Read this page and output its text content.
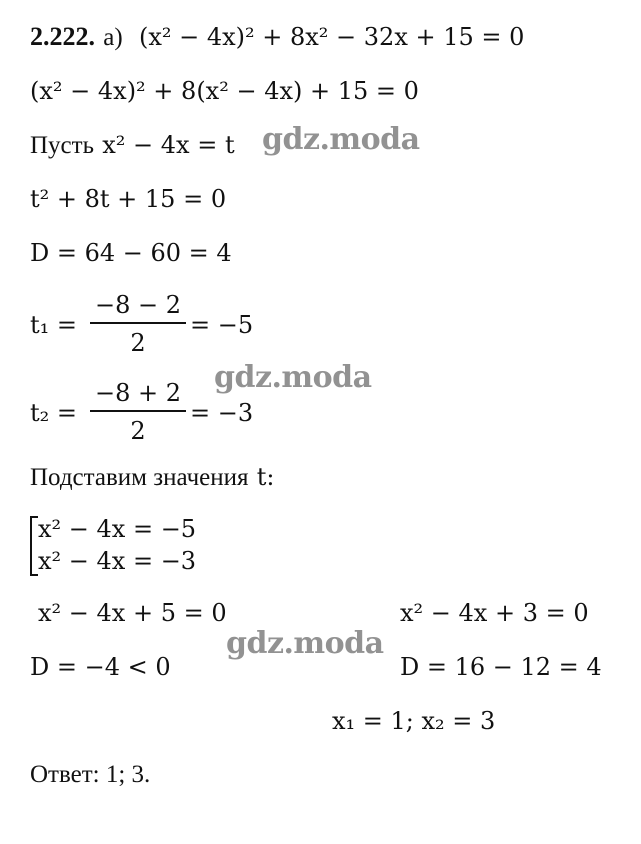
2.222. а) (x² − 4x)² + 8x² − 32x + 15 = 0
(x² − 4x)² + 8(x² − 4x) + 15 = 0
Пусть x² − 4x = t
t² + 8t + 15 = 0
D = 64 − 60 = 4
t₁ =
−8 − 2
2
= −5
t₂ =
−8 + 2
2
= −3
Подставим значения t:
x² − 4x = −5
x² − 4x = −3
x² − 4x + 5 = 0
D = −4 < 0
x² − 4x + 3 = 0
D = 16 − 12 = 4
x₁ = 1; x₂ = 3
Ответ: 1; 3.
gdz.moda
gdz.moda
gdz.moda
